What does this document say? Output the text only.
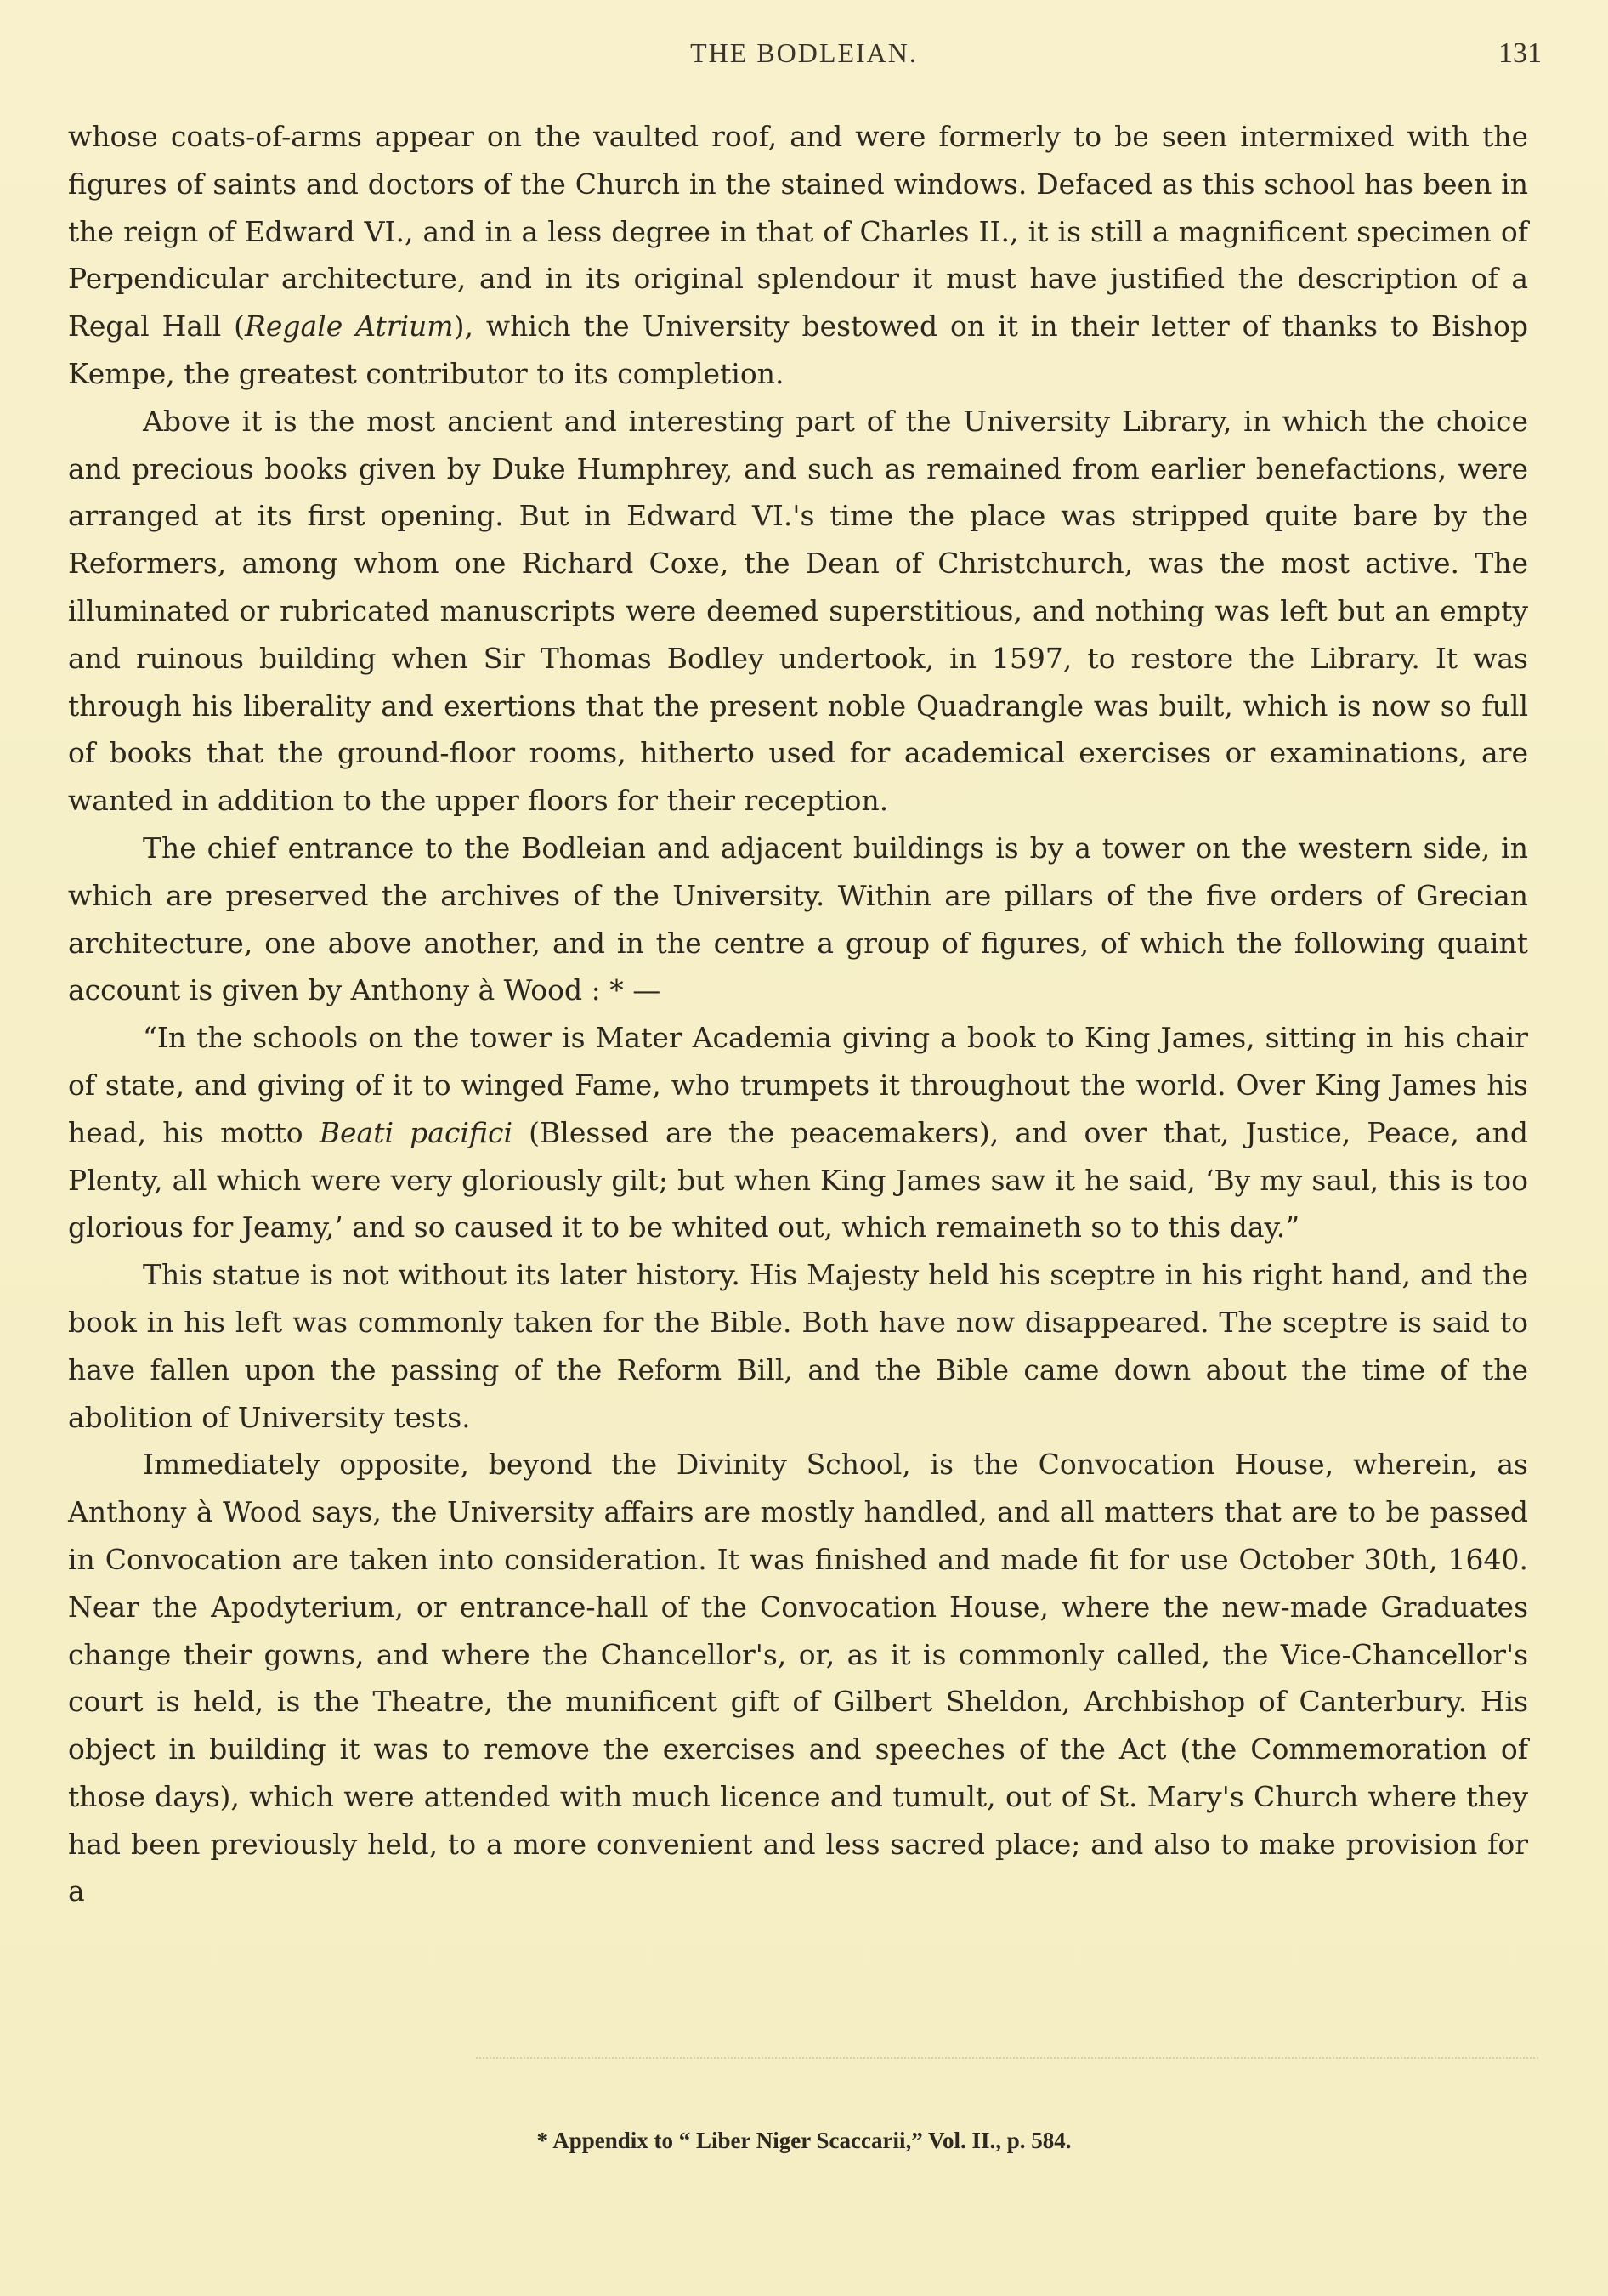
THE BODLEIAN.	131

whose coats-of-arms appear on the vaulted roof, and were formerly to be seen intermixed with the figures of saints and doctors of the Church in the stained windows. Defaced as this school has been in the reign of Edward VI., and in a less degree in that of Charles II., it is still a magnificent specimen of Perpendicular architecture, and in its original splendour it must have justified the description of a Regal Hall (Regale Atrium), which the University bestowed on it in their letter of thanks to Bishop Kempe, the greatest contributor to its completion.

Above it is the most ancient and interesting part of the University Library, in which the choice and precious books given by Duke Humphrey, and such as remained from earlier benefactions, were arranged at its first opening. But in Edward VI.'s time the place was stripped quite bare by the Reformers, among whom one Richard Coxe, the Dean of Christchurch, was the most active. The illuminated or rubricated manuscripts were deemed superstitious, and nothing was left but an empty and ruinous building when Sir Thomas Bodley undertook, in 1597, to restore the Library. It was through his liberality and exertions that the present noble Quadrangle was built, which is now so full of books that the ground-floor rooms, hitherto used for academical exercises or examinations, are wanted in addition to the upper floors for their reception.

The chief entrance to the Bodleian and adjacent buildings is by a tower on the western side, in which are preserved the archives of the University. Within are pillars of the five orders of Grecian architecture, one above another, and in the centre a group of figures, of which the following quaint account is given by Anthony à Wood : * —

“In the schools on the tower is Mater Academia giving a book to King James, sitting in his chair of state, and giving of it to winged Fame, who trumpets it throughout the world. Over King James his head, his motto Beati pacifici (Blessed are the peacemakers), and over that, Justice, Peace, and Plenty, all which were very gloriously gilt; but when King James saw it he said, ‘By my saul, this is too glorious for Jeamy,’ and so caused it to be whited out, which remaineth so to this day.”

This statue is not without its later history. His Majesty held his sceptre in his right hand, and the book in his left was commonly taken for the Bible. Both have now disappeared. The sceptre is said to have fallen upon the passing of the Reform Bill, and the Bible came down about the time of the abolition of University tests.

Immediately opposite, beyond the Divinity School, is the Convocation House, wherein, as Anthony à Wood says, the University affairs are mostly handled, and all matters that are to be passed in Convocation are taken into consideration. It was finished and made fit for use October 30th, 1640. Near the Apodyterium, or entrance-hall of the Convocation House, where the new-made Graduates change their gowns, and where the Chancellor's, or, as it is commonly called, the Vice-Chancellor's court is held, is the Theatre, the munificent gift of Gilbert Sheldon, Archbishop of Canterbury. His object in building it was to remove the exercises and speeches of the Act (the Commemoration of those days), which were attended with much licence and tumult, out of St. Mary's Church where they had been previously held, to a more convenient and less sacred place; and also to make provision for a

* Appendix to “ Liber Niger Scaccarii,” Vol. II., p. 584.
